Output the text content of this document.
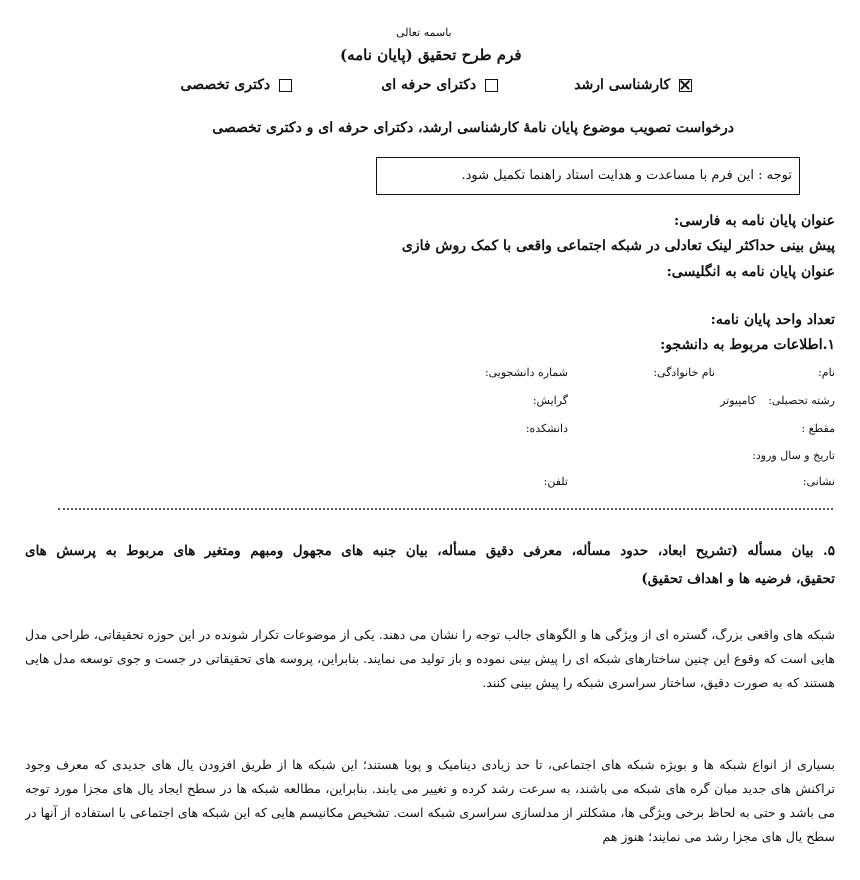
باسمه تعالی
فرم طرح تحقیق (پایان نامه)
کارشناسی ارشد
دکترای حرفه ای
دکتری تخصصی
درخواست تصویب موضوع پایان نامۀ کارشناسی ارشد، دکترای حرفه ای و دکتری تخصصی
توجه : این فرم با مساعدت و هدایت استاد راهنما تکمیل شود.
عنوان پایان نامه به فارسی:
پیش بینی حداکثر لینک تعادلی در شبکه اجتماعی واقعی با کمک روش فازی
عنوان پایان نامه به انگلیسی:
تعداد واحد پایان نامه:
۱.اطلاعات مربوط به دانشجو:
نام:
نام خانوادگی:
شماره دانشجویی:
رشته تحصیلی:
کامپیوتر
گرایش:
مقطع :
دانشکده:
تاریخ و سال ورود:
نشانی:
تلفن:
۵. بیان مسأله (تشریح ابعاد، حدود مسأله، معرفی دقیق مسأله، بیان جنبه های مجهول ومبهم ومتغیر های مربوط به پرسش های
تحقیق، فرضیه ها و اهداف تحقیق)
شبکه های واقعی بزرگ، گستره ای از ویژگی ها و الگوهای جالب توجه را نشان می دهند. یکی از موضوعات تکرار شونده در این حوزه تحقیقاتی، طراحی مدل هایی است که وقوع این چنین ساختارهای شبکه ای را پیش بینی نموده و باز تولید می نمایند. بنابراین، پروسه های تحقیقاتی در جست و جوی توسعه مدل هایی هستند که به صورت دقیق، ساختار سراسری شبکه را پیش بینی کنند.
بسیاری از انواع شبکه ها و بویژه شبکه های اجتماعی، تا حد زیادی دینامیک و پویا هستند؛ این شبکه ها از طریق افزودن یال های جدیدی که معرف وجود تراکنش های جدید میان گره های شبکه می باشند، به سرعت رشد کرده و تغییر می یابند. بنابراین، مطالعه شبکه ها در سطح ایجاد یال های مجزا مورد توجه می باشد و حتی به لحاظ برخی ویژگی ها، مشکلتر از مدلسازی سراسری شبکه است. تشخیص مکانیسم هایی که این شبکه های اجتماعی با استفاده از آنها در سطح یال های مجزا رشد می نمایند؛ هنوز هم
